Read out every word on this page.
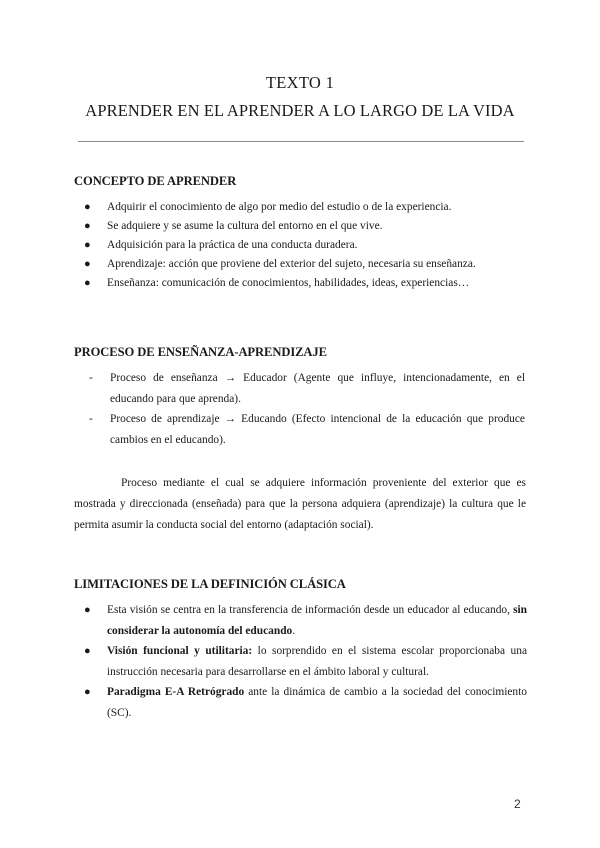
TEXTO 1
APRENDER EN EL APRENDER A LO LARGO DE LA VIDA
CONCEPTO DE APRENDER
● Adquirir el conocimiento de algo por medio del estudio o de la experiencia.
● Se adquiere y se asume la cultura del entorno en el que vive.
● Adquisición para la práctica de una conducta duradera.
● Aprendizaje: acción que proviene del exterior del sujeto, necesaria su enseñanza.
● Enseñanza: comunicación de conocimientos, habilidades, ideas, experiencias…
PROCESO DE ENSEÑANZA-APRENDIZAJE
- Proceso de enseñanza → Educador (Agente que influye, intencionadamente, en el educando para que aprenda).
- Proceso de aprendizaje → Educando (Efecto intencional de la educación que produce cambios en el educando).

Proceso mediante el cual se adquiere información proveniente del exterior que es mostrada y direccionada (enseñada) para que la persona adquiera (aprendizaje) la cultura que le permita asumir la conducta social del entorno (adaptación social).

LIMITACIONES DE LA DEFINICIÓN CLÁSICA
● Esta visión se centra en la transferencia de información desde un educador al educando, sin considerar la autonomía del educando.
● Visión funcional y utilitaria: lo sorprendido en el sistema escolar proporcionaba una instrucción necesaria para desarrollarse en el ámbito laboral y cultural.
● Paradigma E-A Retrógrado ante la dinámica de cambio a la sociedad del conocimiento (SC).
2
